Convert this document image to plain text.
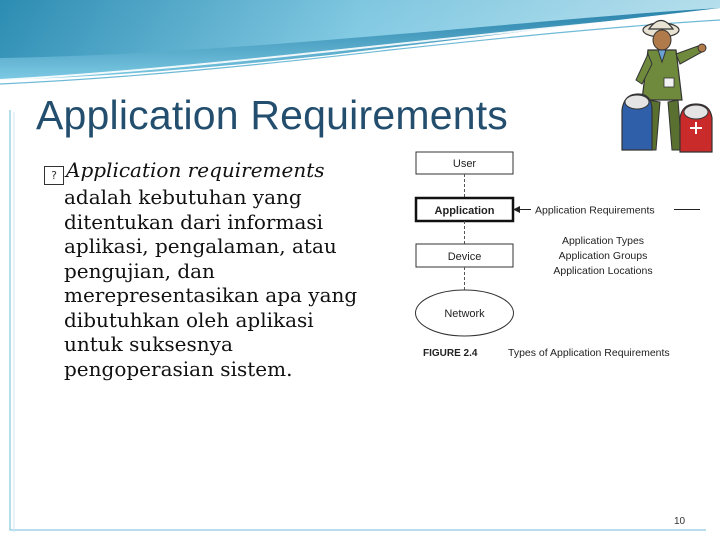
Application Requirements
? Application requirements
adalah kebutuhan yang
ditentukan dari informasi
aplikasi, pengalaman, atau
pengujian, dan
merepresentasikan apa yang
dibutuhkan oleh aplikasi
untuk suksesnya
pengoperasian sistem.
User
Application	Application Requirements
Device
Application Types
Application Groups
Application Locations
Network
FIGURE 2.4	Types of Application Requirements
10
